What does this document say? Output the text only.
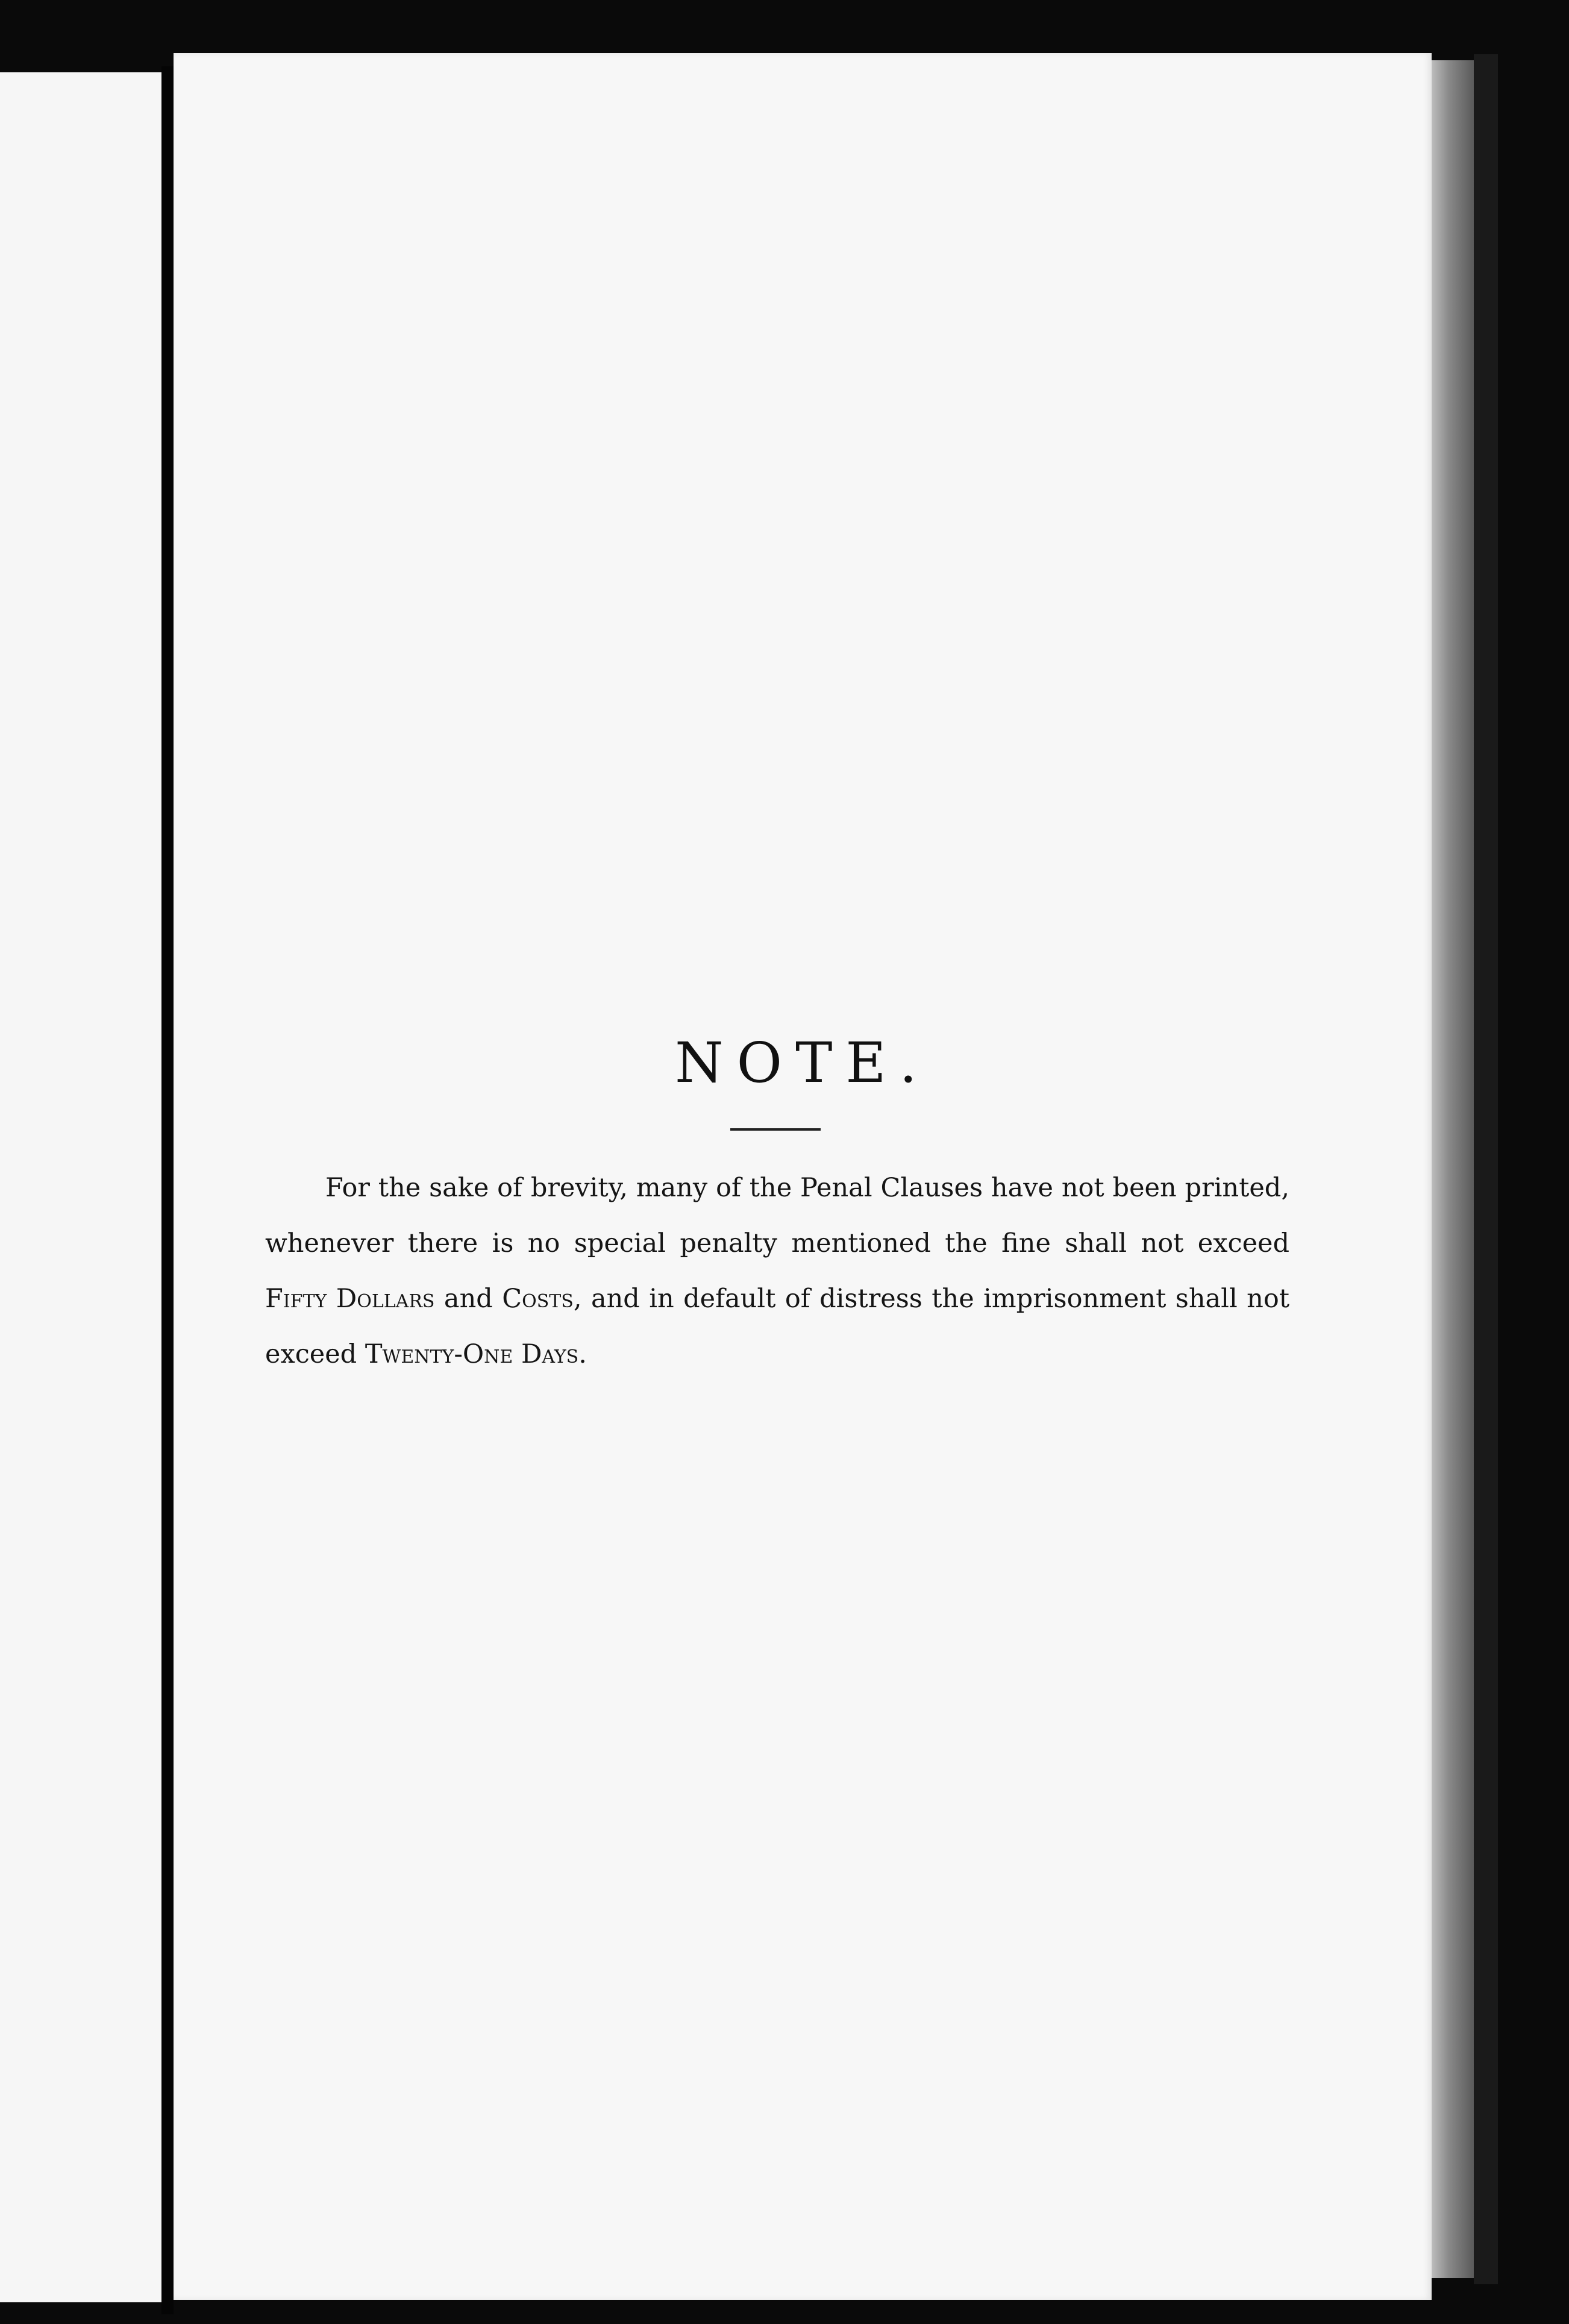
NOTE.

For the sake of brevity, many of the Penal Clauses have not been printed, whenever there is no special penalty mentioned the fine shall not exceed Fifty Dollars and Costs, and in default of distress the imprisonment shall not exceed Twenty-One Days.
